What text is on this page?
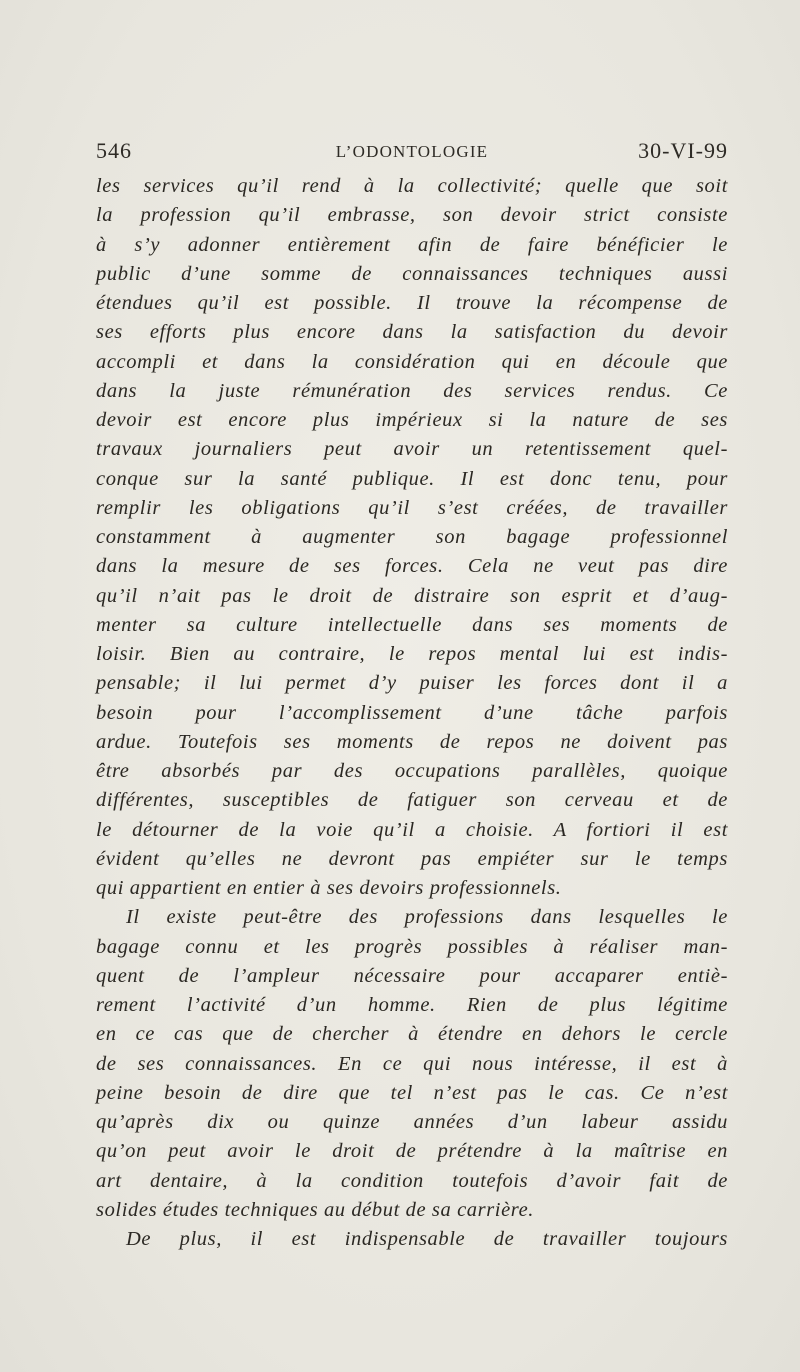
546	L’ODONTOLOGIE	30-VI-99
les services qu’il rend à la collectivité; quelle que soit
la profession qu’il embrasse, son devoir strict consiste
à s’y adonner entièrement afin de faire bénéficier le
public d’une somme de connaissances techniques aussi
étendues qu’il est possible. Il trouve la récompense de
ses efforts plus encore dans la satisfaction du devoir
accompli et dans la considération qui en découle que
dans la juste rémunération des services rendus. Ce
devoir est encore plus impérieux si la nature de ses
travaux journaliers peut avoir un retentissement quel-
conque sur la santé publique. Il est donc tenu, pour
remplir les obligations qu’il s’est créées, de travailler
constamment à augmenter son bagage professionnel
dans la mesure de ses forces. Cela ne veut pas dire
qu’il n’ait pas le droit de distraire son esprit et d’aug-
menter sa culture intellectuelle dans ses moments de
loisir. Bien au contraire, le repos mental lui est indis-
pensable; il lui permet d’y puiser les forces dont il a
besoin pour l’accomplissement d’une tâche parfois
ardue. Toutefois ses moments de repos ne doivent pas
être absorbés par des occupations parallèles, quoique
différentes, susceptibles de fatiguer son cerveau et de
le détourner de la voie qu’il a choisie. A fortiori il est
évident qu’elles ne devront pas empiéter sur le temps
qui appartient en entier à ses devoirs professionnels.
Il existe peut-être des professions dans lesquelles le
bagage connu et les progrès possibles à réaliser man-
quent de l’ampleur nécessaire pour accaparer entiè-
rement l’activité d’un homme. Rien de plus légitime
en ce cas que de chercher à étendre en dehors le cercle
de ses connaissances. En ce qui nous intéresse, il est à
peine besoin de dire que tel n’est pas le cas. Ce n’est
qu’après dix ou quinze années d’un labeur assidu
qu’on peut avoir le droit de prétendre à la maîtrise en
art dentaire, à la condition toutefois d’avoir fait de
solides études techniques au début de sa carrière.
De plus, il est indispensable de travailler toujours
